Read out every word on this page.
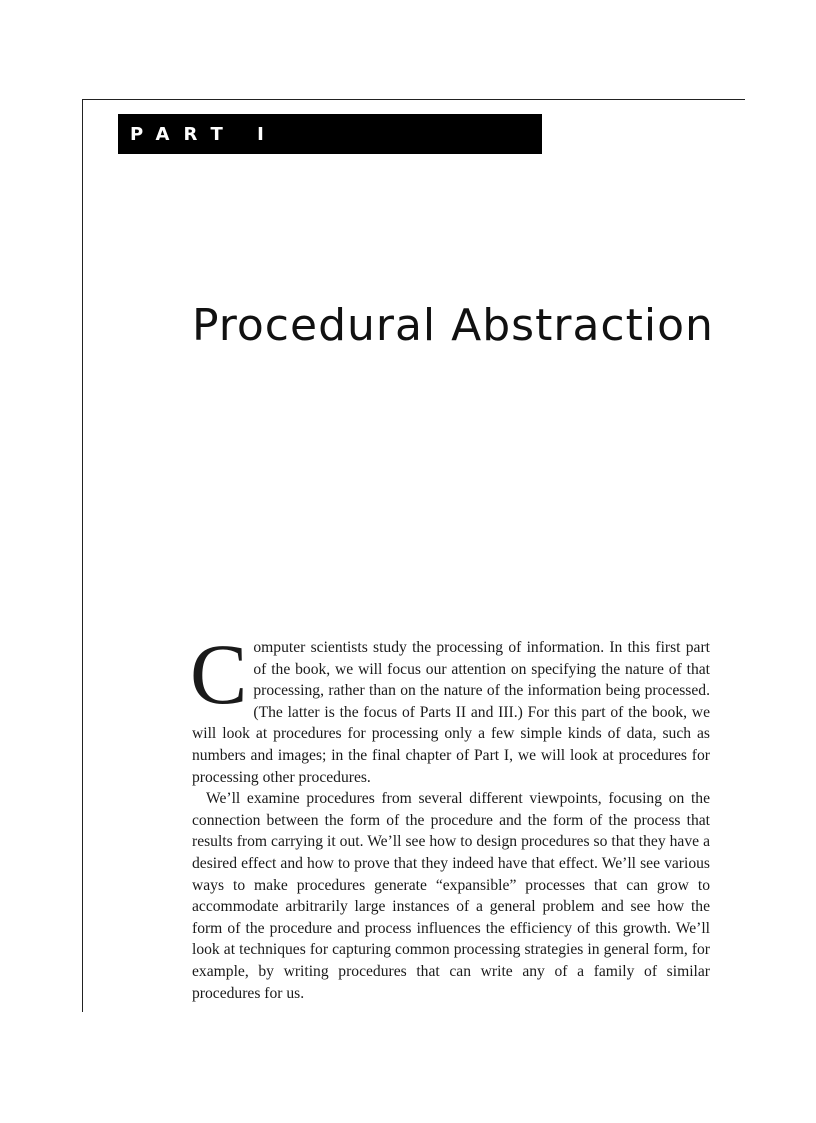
PART I
Procedural Abstraction

Computer scientists study the processing of information. In this first part of the book, we will focus our attention on specifying the nature of that processing, rather than on the nature of the information being processed. (The latter is the focus of Parts II and III.) For this part of the book, we will look at procedures for processing only a few simple kinds of data, such as numbers and images; in the final chapter of Part I, we will look at procedures for processing other procedures.

We’ll examine procedures from several different viewpoints, focusing on the connection between the form of the procedure and the form of the process that results from carrying it out. We’ll see how to design procedures so that they have a desired effect and how to prove that they indeed have that effect. We’ll see various ways to make procedures generate “expansible” processes that can grow to accommodate arbitrarily large instances of a general problem and see how the form of the procedure and process influences the efficiency of this growth. We’ll look at techniques for capturing common processing strategies in general form, for example, by writing procedures that can write any of a family of similar procedures for us.
